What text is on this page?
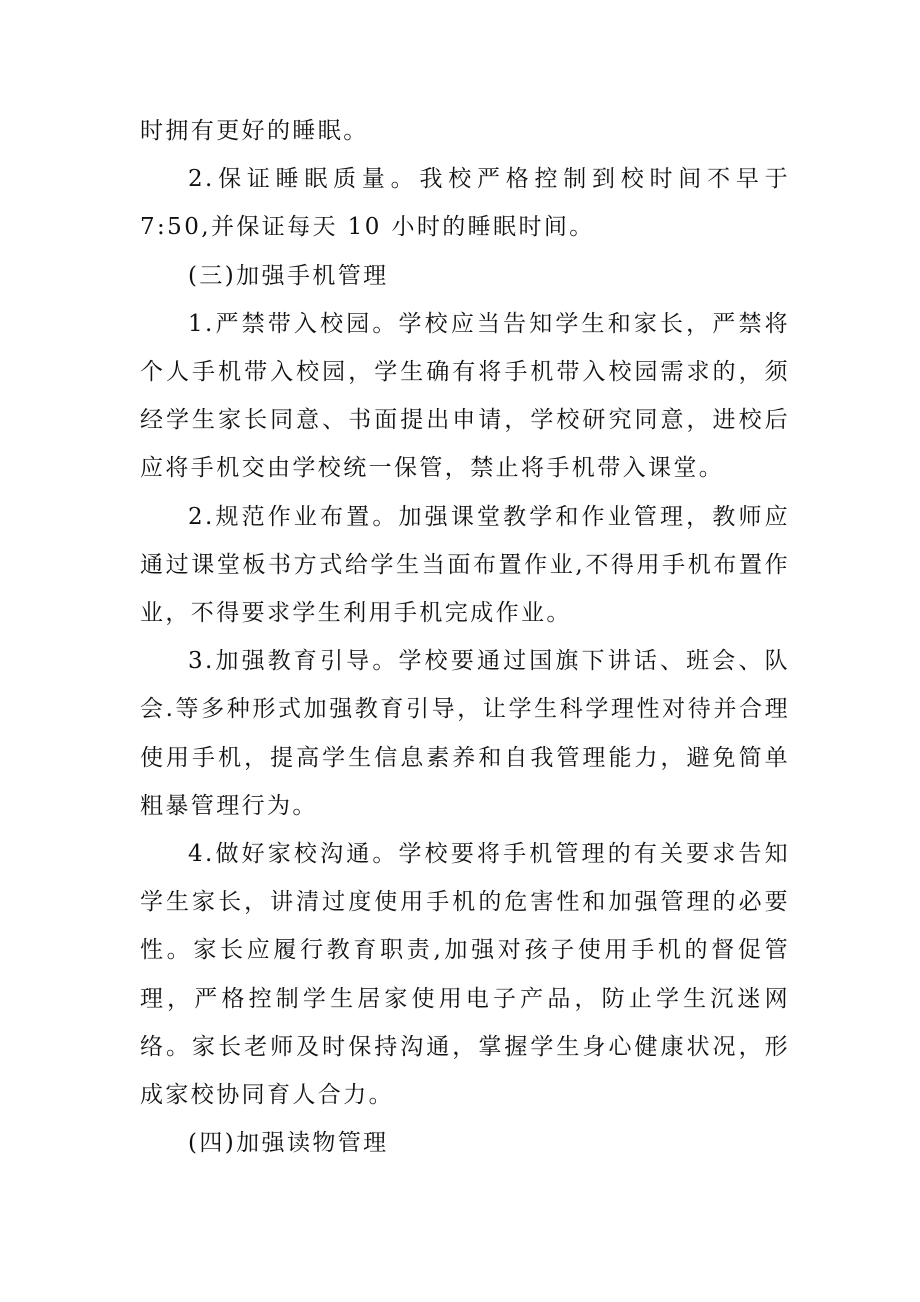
时拥有更好的睡眠。

2.保证睡眠质量。我校严格控制到校时间不早于 7:50,并保证每天 10 小时的睡眠时间。

(三)加强手机管理

1.严禁带入校园。学校应当告知学生和家长，严禁将个人手机带入校园，学生确有将手机带入校园需求的，须经学生家长同意、书面提出申请，学校研究同意，进校后应将手机交由学校统一保管，禁止将手机带入课堂。

2.规范作业布置。加强课堂教学和作业管理，教师应通过课堂板书方式给学生当面布置作业,不得用手机布置作业，不得要求学生利用手机完成作业。

3.加强教育引导。学校要通过国旗下讲话、班会、队会.等多种形式加强教育引导，让学生科学理性对待并合理使用手机，提高学生信息素养和自我管理能力，避免简单粗暴管理行为。

4.做好家校沟通。学校要将手机管理的有关要求告知学生家长，讲清过度使用手机的危害性和加强管理的必要性。家长应履行教育职责,加强对孩子使用手机的督促管理，严格控制学生居家使用电子产品，防止学生沉迷网络。家长老师及时保持沟通，掌握学生身心健康状况，形成家校协同育人合力。

(四)加强读物管理
